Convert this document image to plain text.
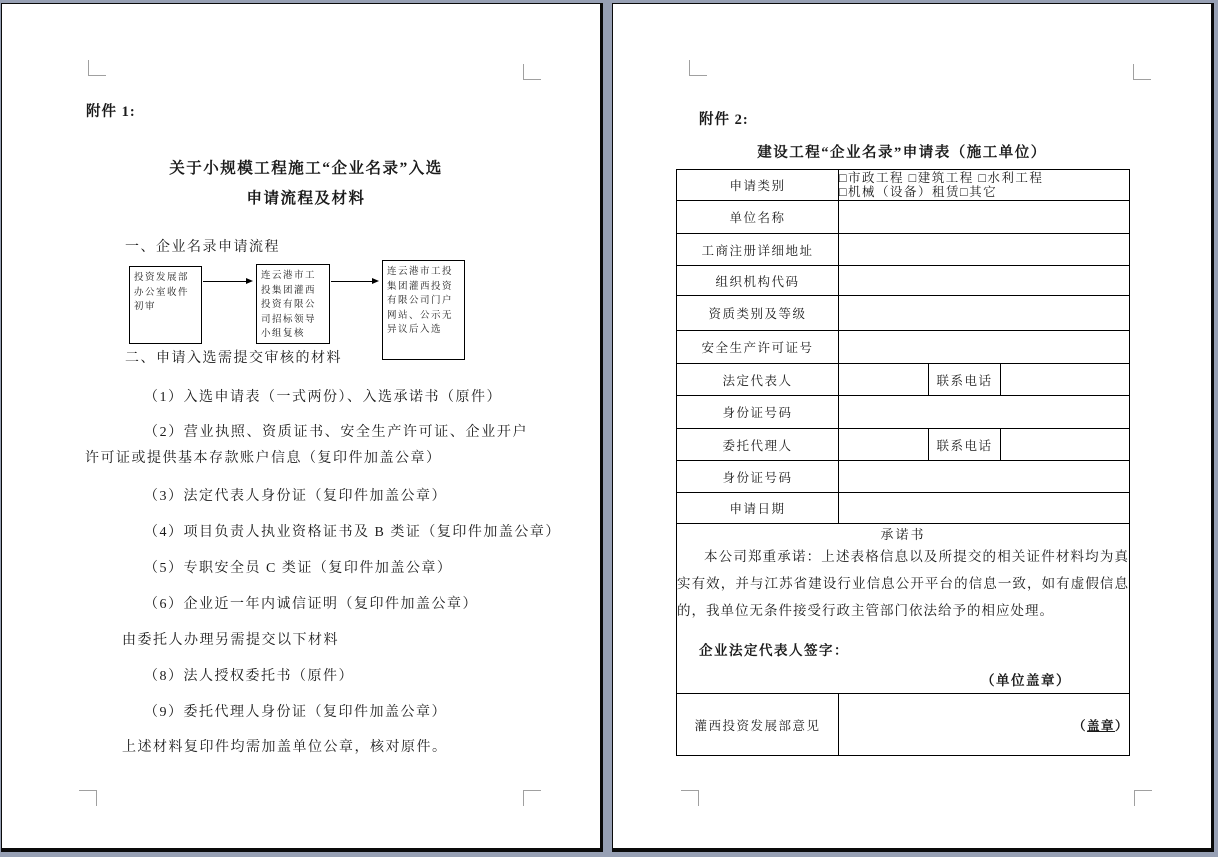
附件 1:
关于小规模工程施工“企业名录”入选
申请流程及材料
一、企业名录申请流程
投资发展部办公室收件初审
连云港市工投集团灌西投资有限公司招标领导小组复核
连云港市工投集团灌西投资有限公司门户网站、公示无异议后入选
二、申请入选需提交审核的材料
（1）入选申请表（一式两份）、入选承诺书（原件）
（2）营业执照、资质证书、安全生产许可证、企业开户许可证或提供基本存款账户信息（复印件加盖公章）
（3）法定代表人身份证（复印件加盖公章）
（4）项目负责人执业资格证书及 B 类证（复印件加盖公章）
（5）专职安全员 C 类证（复印件加盖公章）
（6）企业近一年内诚信证明（复印件加盖公章）
由委托人办理另需提交以下材料
（8）法人授权委托书（原件）
（9）委托代理人身份证（复印件加盖公章）
上述材料复印件均需加盖单位公章，核对原件。
附件 2:
建设工程“企业名录”申请表（施工单位）
申请类别	□市政工程 □建筑工程 □水利工程
□机械（设备）租赁□其它		

单位名称			
工商注册详细地址			
组织机构代码			
资质类别及等级			
安全生产许可证号			
法定代表人		联系电话	
身份证号码			
委托代理人		联系电话	
身份证号码			
申请日期			

承诺书
本公司郑重承诺：上述表格信息以及所提交的相关证件材料均为真实有效，并与江苏省建设行业信息公开平台的信息一致，如有虚假信息的，我单位无条件接受行政主管部门依法给予的相应处理。
企业法定代表人签字：
（单位盖章）			

灌西投资发展部意见	（盖章）		
